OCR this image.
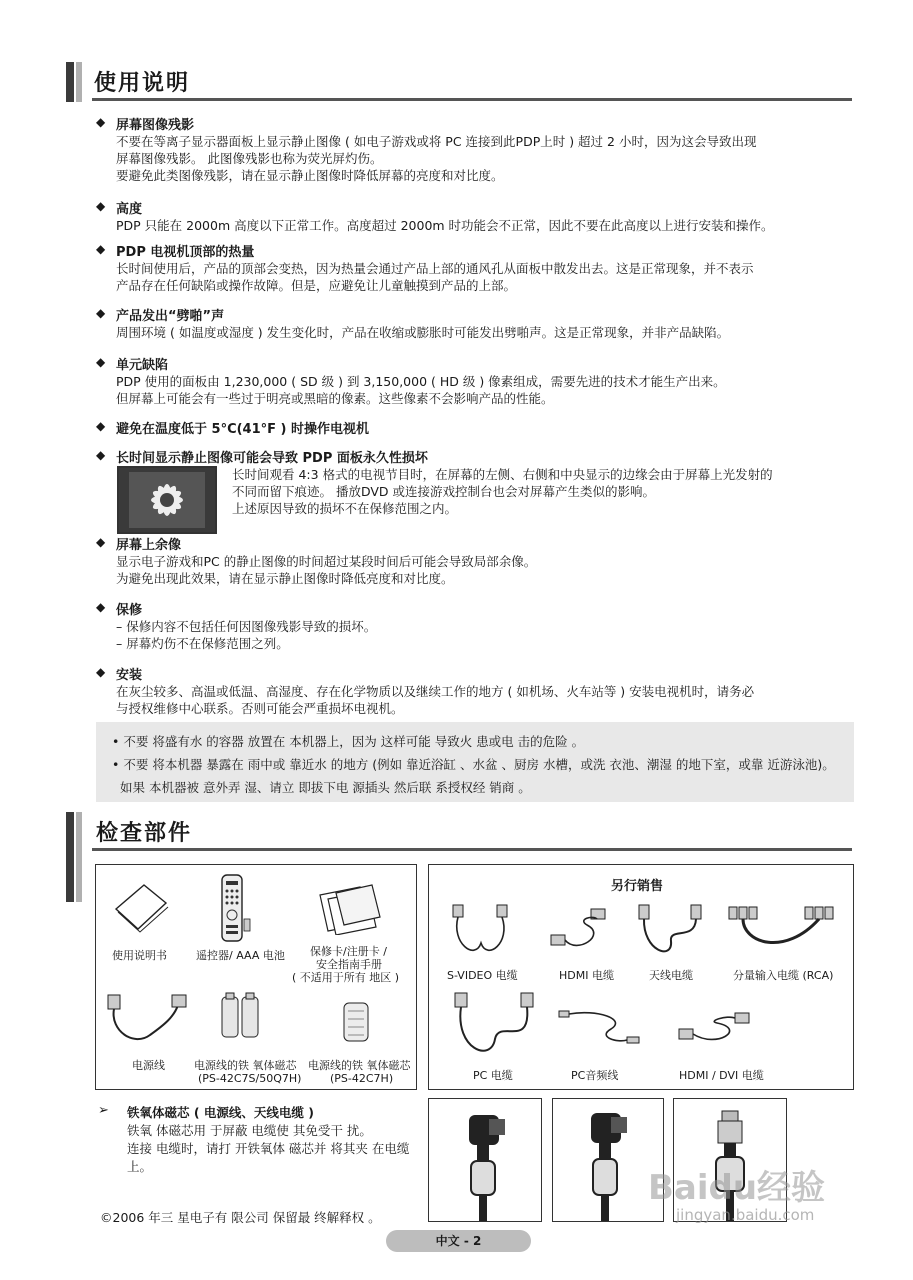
使用说明
◆ 屏幕图像残影
不要在等离子显示器面板上显示静止图像 ( 如电子游戏或将 PC 连接到此PDP上时 ) 超过 2 小时，因为这会导致出现
屏幕图像残影。 此图像残影也称为荧光屏灼伤。
要避免此类图像残影，请在显示静止图像时降低屏幕的亮度和对比度。
◆ 高度
PDP 只能在 2000m 高度以下正常工作。高度超过 2000m 时功能会不正常，因此不要在此高度以上进行安装和操作。
◆ PDP 电视机顶部的热量
长时间使用后，产品的顶部会变热，因为热量会通过产品上部的通风孔从面板中散发出去。这是正常现象，并不表示
产品存在任何缺陷或操作故障。但是，应避免让儿童触摸到产品的上部。
◆ 产品发出“劈啪”声
周围环境 ( 如温度或湿度 ) 发生变化时，产品在收缩或膨胀时可能发出劈啪声。这是正常现象，并非产品缺陷。
◆ 单元缺陷
PDP 使用的面板由 1,230,000 ( SD 级 ) 到 3,150,000 ( HD 级 ) 像素组成，需要先进的技术才能生产出来。
但屏幕上可能会有一些过于明亮或黑暗的像素。这些像素不会影响产品的性能。
◆ 避免在温度低于 5°C(41°F ) 时操作电视机
◆ 长时间显示静止图像可能会导致 PDP 面板永久性损坏
长时间观看 4:3 格式的电视节目时，在屏幕的左侧、右侧和中央显示的边缘会由于屏幕上光发射的
不同而留下痕迹。 播放DVD 或连接游戏控制台也会对屏幕产生类似的影响。
上述原因导致的损坏不在保修范围之内。
◆ 屏幕上余像
显示电子游戏和PC 的静止图像的时间超过某段时间后可能会导致局部余像。
为避免出现此效果，请在显示静止图像时降低亮度和对比度。
◆ 保修
– 保修内容不包括任何因图像残影导致的损坏。
– 屏幕灼伤不在保修范围之列。
◆ 安装
在灰尘较多、高温或低温、高湿度、存在化学物质以及继续工作的地方 ( 如机场、火车站等 ) 安装电视机时，请务必
与授权维修中心联系。否则可能会严重损坏电视机。
• 不要 将盛有水 的容器 放置在 本机器上，因为 这样可能 导致火 患或电 击的危险 。
• 不要 将本机器 暴露在 雨中或 靠近水 的地方 (例如 靠近浴缸 、水盆 、厨房 水槽，或洗 衣池、潮湿 的地下室，或靠 近游泳池)。
如果 本机器被 意外弄 湿、请立 即拔下电 源插头 然后联 系授权经 销商 。
检查部件
使用说明书	遥控器/ AAA 电池 保修卡/注册卡 /
安全指南手册
( 不适用于所有 地区 )
电源线	电源线的铁 氧体磁芯
(PS-42C7S/50Q7H)
电源线的铁 氧体磁芯
(PS-42C7H)
另行销售
S-VIDEO 电缆	HDMI 电缆	天线电缆	分量输入电缆 (RCA)
PC 电缆	PC音频线	HDMI / DVI 电缆
➢ 铁氧体磁芯 ( 电源线、天线电缆 )
铁氧 体磁芯用 于屏蔽 电缆使 其免受干 扰。
连接 电缆时，请打 开铁氧体 磁芯并 将其夹 在电缆
上。
©2006 年三 星电子有 限公司 保留最 终解释权 。
中文 - 2
Baidu经验
jingyan.baidu.com
